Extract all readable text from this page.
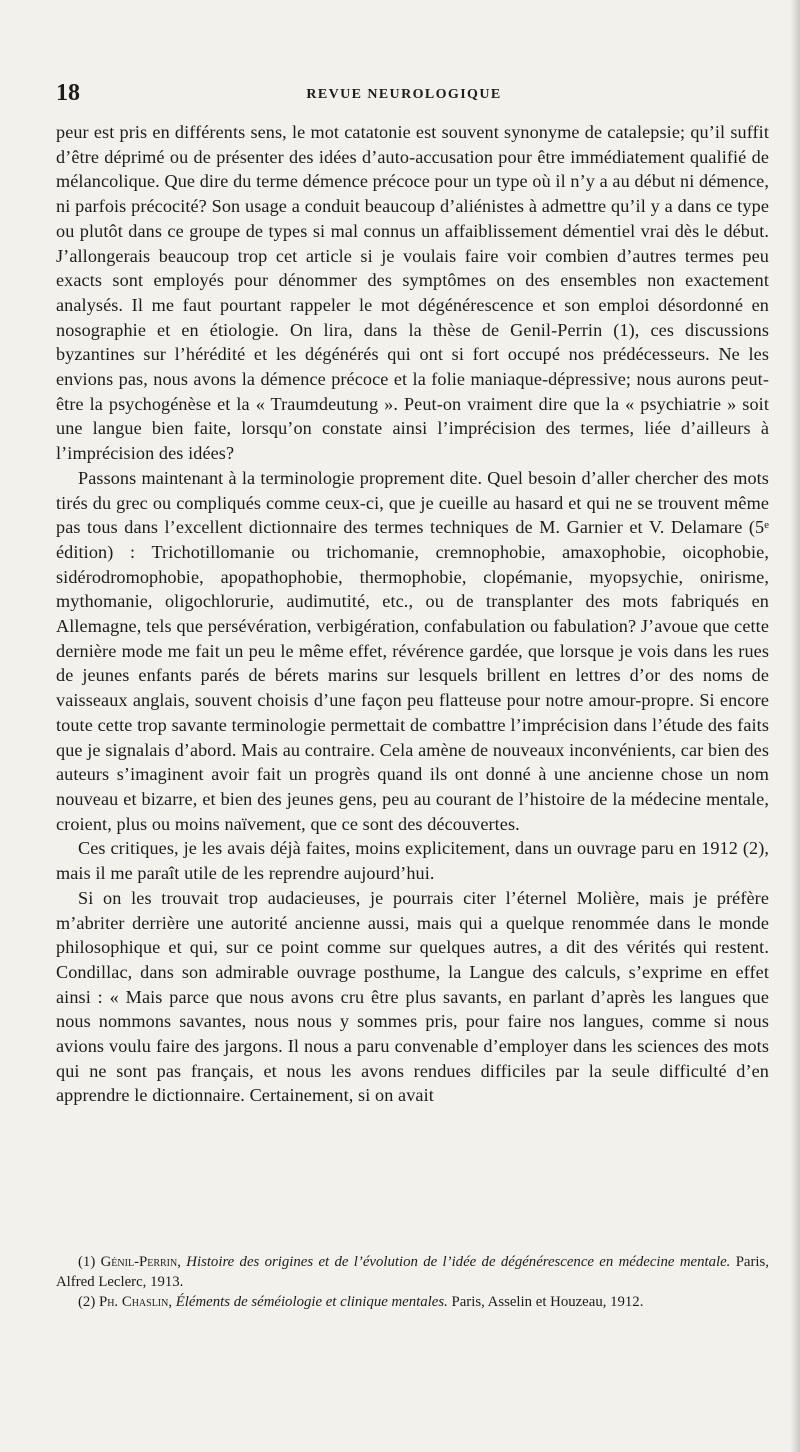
18	REVUE NEUROLOGIQUE

peur est pris en différents sens, le mot catatonie est souvent synonyme de catalepsie; qu’il suffit d’être déprimé ou de présenter des idées d’auto-accusation pour être immédiatement qualifié de mélancolique. Que dire du terme démence précoce pour un type où il n’y a au début ni démence, ni parfois précocité? Son usage a conduit beaucoup d’aliénistes à admettre qu’il y a dans ce type ou plutôt dans ce groupe de types si mal connus un affaiblissement démentiel vrai dès le début. J’allongerais beaucoup trop cet article si je voulais faire voir combien d’autres termes peu exacts sont employés pour dénommer des symptômes on des ensembles non exactement analysés. Il me faut pourtant rappeler le mot dégénérescence et son emploi désordonné en nosographie et en étiologie. On lira, dans la thèse de Genil-Perrin (1), ces discussions byzantines sur l’hérédité et les dégénérés qui ont si fort occupé nos prédécesseurs. Ne les envions pas, nous avons la démence précoce et la folie maniaque-dépressive; nous aurons peut-être la psychogénèse et la « Traumdeutung ». Peut-on vraiment dire que la « psychiatrie » soit une langue bien faite, lorsqu’on constate ainsi l’imprécision des termes, liée d’ailleurs à l’imprécision des idées?

Passons maintenant à la terminologie proprement dite. Quel besoin d’aller chercher des mots tirés du grec ou compliqués comme ceux-ci, que je cueille au hasard et qui ne se trouvent même pas tous dans l’excellent dictionnaire des termes techniques de M. Garnier et V. Delamare (5ᵉ édition) : Trichotillomanie ou trichomanie, cremnophobie, amaxophobie, oicophobie, sidérodromophobie, apopathophobie, thermophobie, clopémanie, myopsychie, onirisme, mythomanie, oligochlorurie, audimutité, etc., ou de transplanter des mots fabriqués en Allemagne, tels que persévération, verbigération, confabulation ou fabulation? J’avoue que cette dernière mode me fait un peu le même effet, révérence gardée, que lorsque je vois dans les rues de jeunes enfants parés de bérets marins sur lesquels brillent en lettres d’or des noms de vaisseaux anglais, souvent choisis d’une façon peu flatteuse pour notre amour-propre. Si encore toute cette trop savante terminologie permettait de combattre l’imprécision dans l’étude des faits que je signalais d’abord. Mais au contraire. Cela amène de nouveaux inconvénients, car bien des auteurs s’imaginent avoir fait un progrès quand ils ont donné à une ancienne chose un nom nouveau et bizarre, et bien des jeunes gens, peu au courant de l’histoire de la médecine mentale, croient, plus ou moins naïvement, que ce sont des découvertes.

Ces critiques, je les avais déjà faites, moins explicitement, dans un ouvrage paru en 1912 (2), mais il me paraît utile de les reprendre aujourd’hui.

Si on les trouvait trop audacieuses, je pourrais citer l’éternel Molière, mais je préfère m’abriter derrière une autorité ancienne aussi, mais qui a quelque renommée dans le monde philosophique et qui, sur ce point comme sur quelques autres, a dit des vérités qui restent. Condillac, dans son admirable ouvrage posthume, la Langue des calculs, s’exprime en effet ainsi : « Mais parce que nous avons cru être plus savants, en parlant d’après les langues que nous nommons savantes, nous nous y sommes pris, pour faire nos langues, comme si nous avions voulu faire des jargons. Il nous a paru convenable d’employer dans les sciences des mots qui ne sont pas français, et nous les avons rendues difficiles par la seule difficulté d’en apprendre le dictionnaire. Certainement, si on avait

(1) Génil-Perrin, Histoire des origines et de l’évolution de l’idée de dégénérescence en médecine mentale. Paris, Alfred Leclerc, 1913.

(2) Ph. Chaslin, Éléments de séméiologie et clinique mentales. Paris, Asselin et Houzeau, 1912.
